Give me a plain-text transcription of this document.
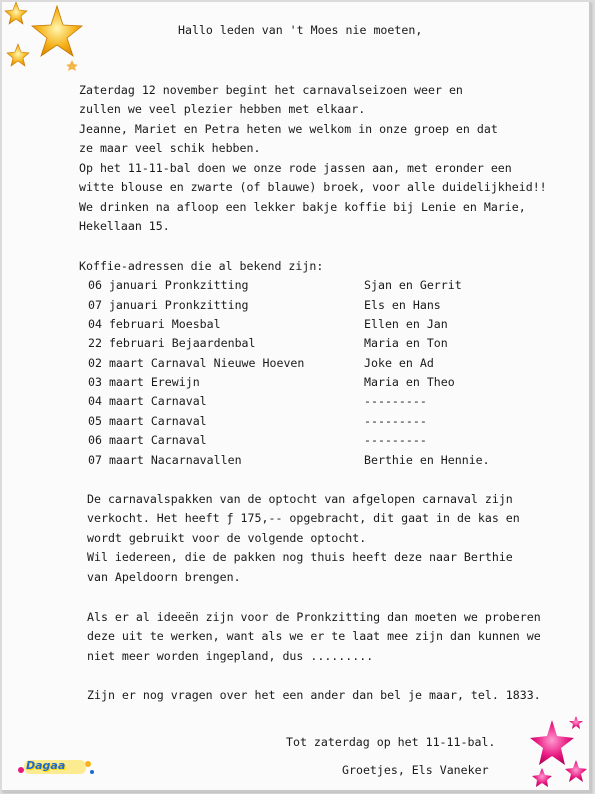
Hallo leden van 't Moes nie moeten,
Zaterdag 12 november begint het carnavalseizoen weer en
zullen we veel plezier hebben met elkaar.
Jeanne, Mariet en Petra heten we welkom in onze groep en dat
ze maar veel schik hebben.
Op het 11-11-bal doen we onze rode jassen aan, met eronder een
witte blouse en zwarte (of blauwe) broek, voor alle duidelijkheid!!
We drinken na afloop een lekker bakje koffie bij Lenie en Marie,
Hekellaan 15.
Koffie-adressen die al bekend zijn:
06 januari Pronkzitting	Sjan en Gerrit
07 januari Pronkzitting	Els en Hans
04 februari Moesbal	Ellen en Jan
22 februari Bejaardenbal	Maria en Ton
02 maart Carnaval Nieuwe Hoeven	Joke en Ad
03 maart Erewijn	Maria en Theo
04 maart Carnaval	---------
05 maart Carnaval	---------
06 maart Carnaval	---------
07 maart Nacarnavallen	Berthie en Hennie.
De carnavalspakken van de optocht van afgelopen carnaval zijn
verkocht. Het heeft ƒ 175,-- opgebracht, dit gaat in de kas en
wordt gebruikt voor de volgende optocht.
Wil iedereen, die de pakken nog thuis heeft deze naar Berthie
van Apeldoorn brengen.
Als er al ideeën zijn voor de Pronkzitting dan moeten we proberen
deze uit te werken, want als we er te laat mee zijn dan kunnen we
niet meer worden ingepland, dus .........
Zijn er nog vragen over het een ander dan bel je maar, tel. 1833.
Tot zaterdag op het 11-11-bal.
Groetjes, Els Vaneker
Dagaa
